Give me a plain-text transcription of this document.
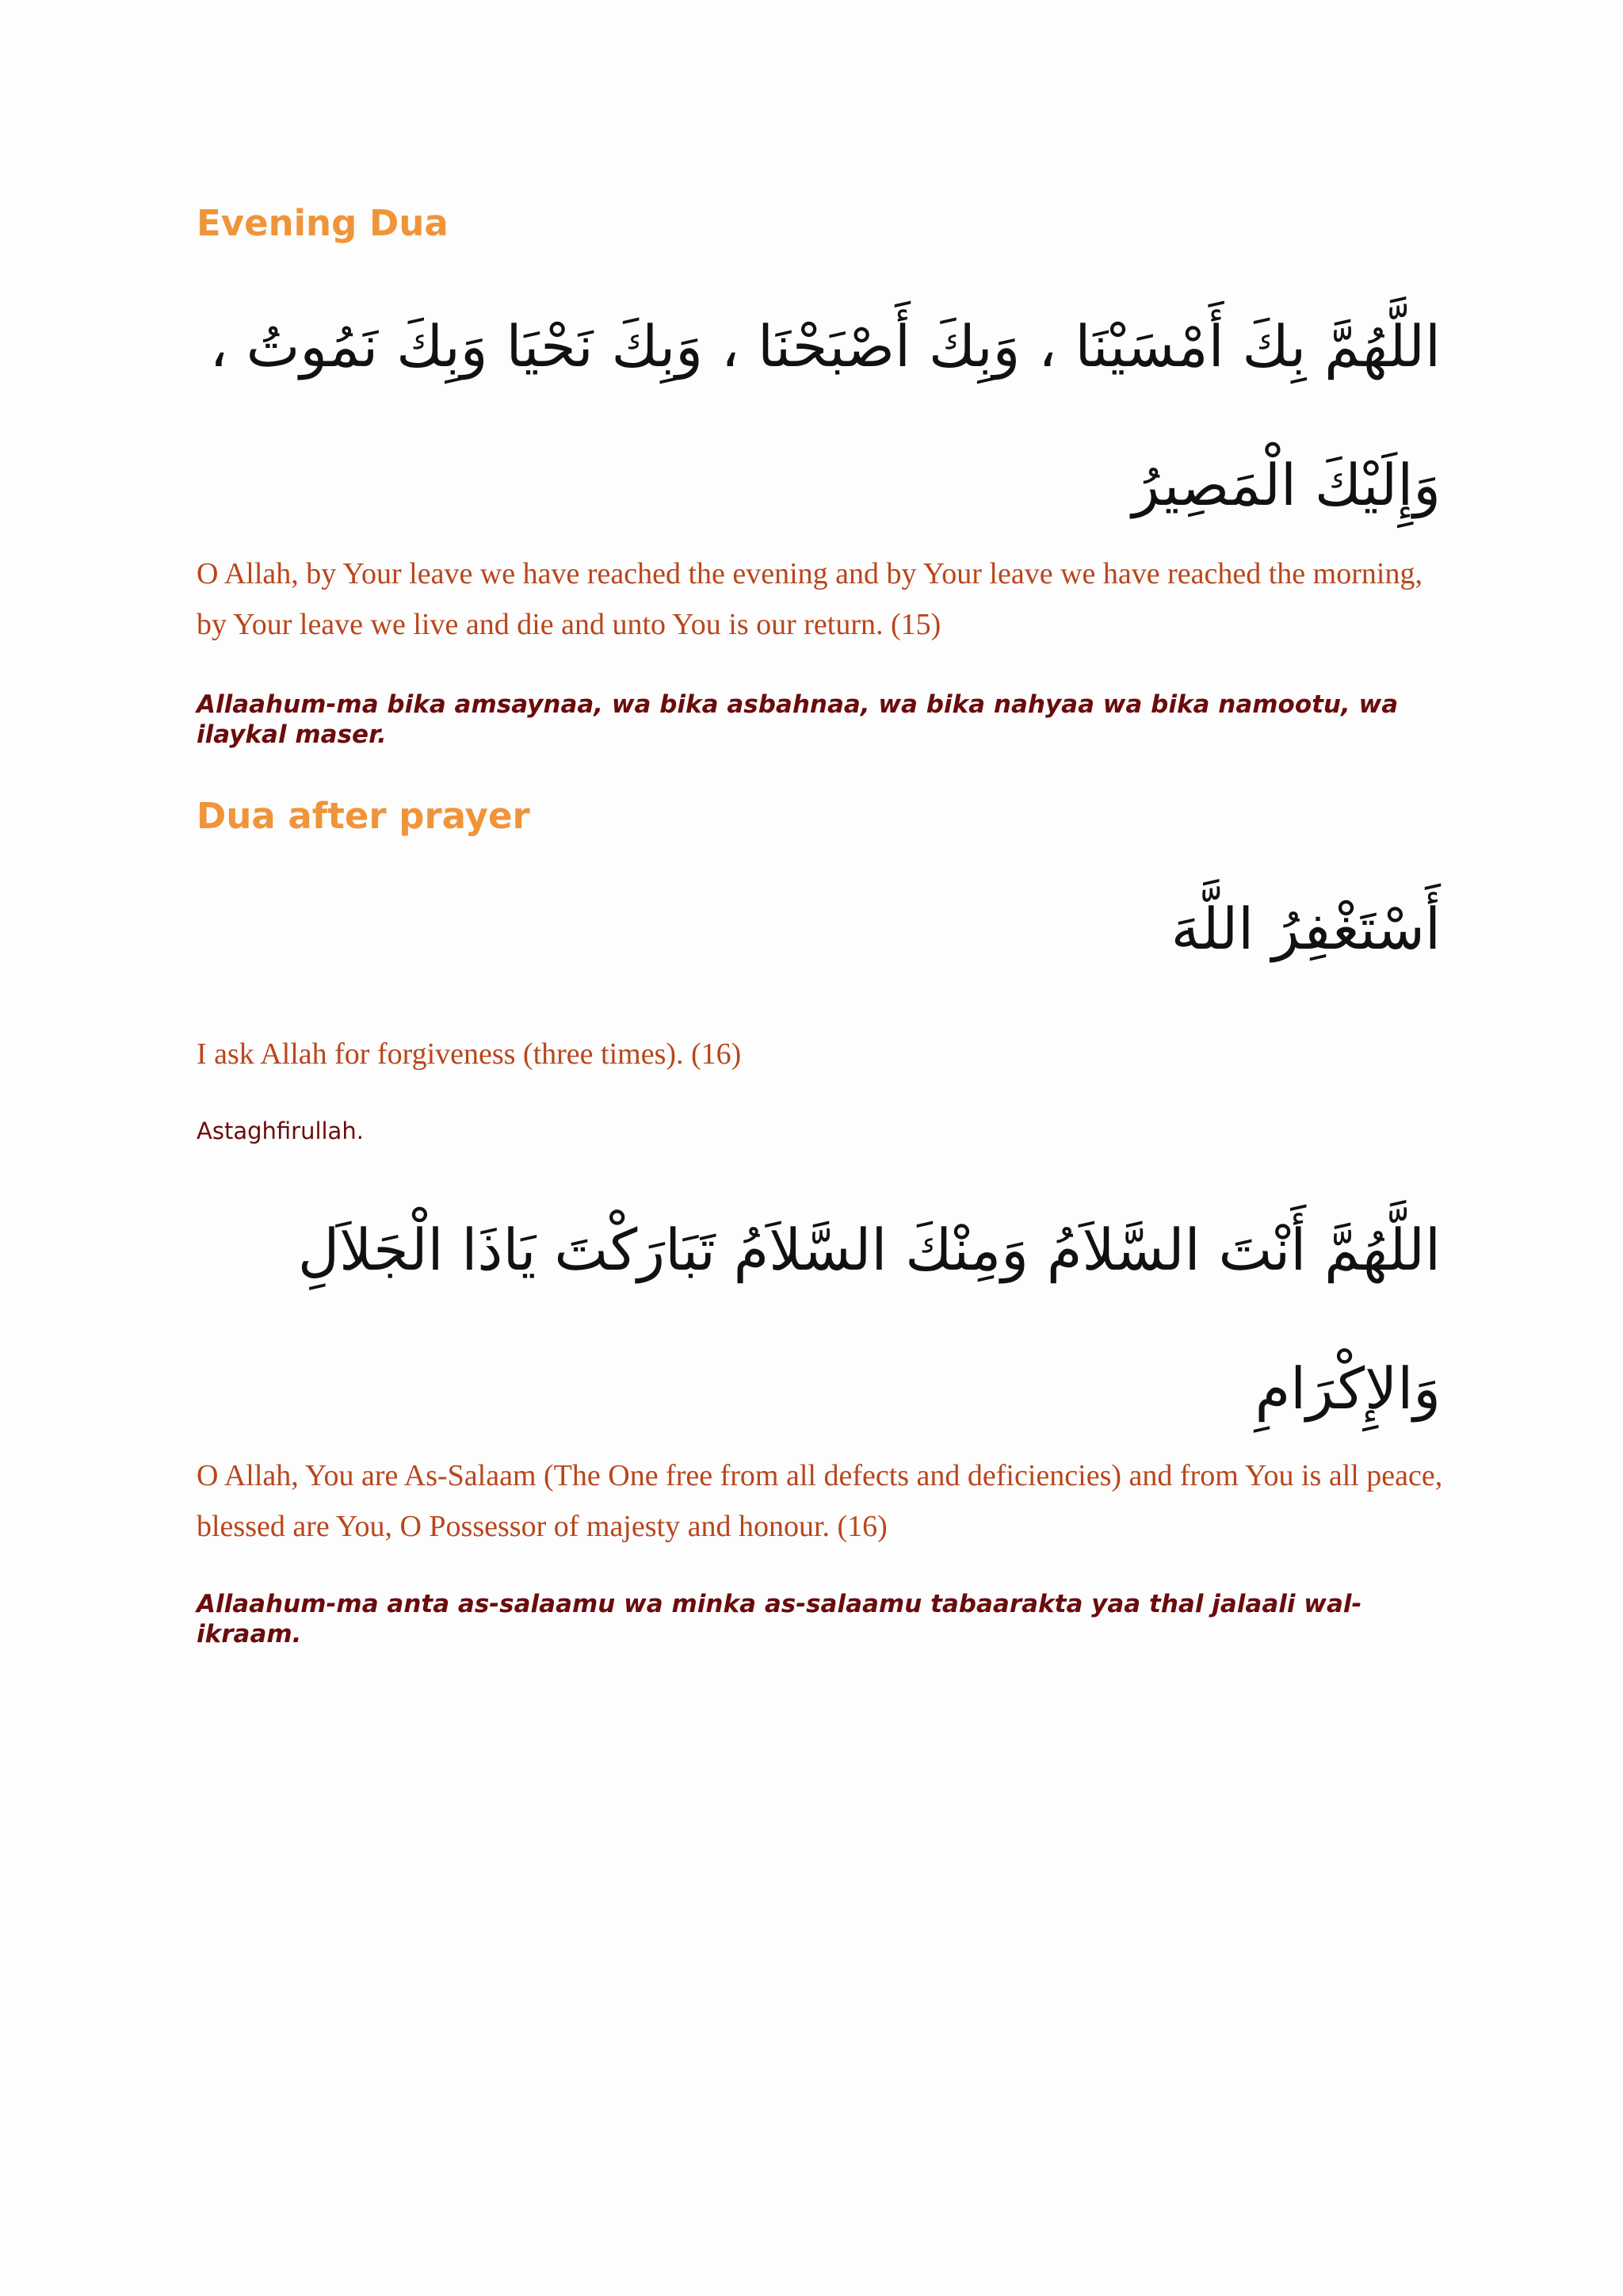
Evening Dua

اللَّهُمَّ بِكَ أَمْسَيْنَا ، وَبِكَ أَصْبَحْنَا ، وَبِكَ نَحْيَا وَبِكَ نَمُوتُ ، وَإِلَيْكَ الْمَصِيرُ

O Allah, by Your leave we have reached the evening and by Your leave we have reached the morning, by Your leave we live and die and unto You is our return. (15)

Allaahum-ma bika amsaynaa, wa bika asbahnaa, wa bika nahyaa wa bika namootu, wa ilaykal maser.

Dua after prayer

أَسْتَغْفِرُ اللَّهَ

I ask Allah for forgiveness (three times). (16)

Astaghfirullah.

اللَّهُمَّ أَنْتَ السَّلاَمُ وَمِنْكَ السَّلاَمُ تَبَارَكْتَ يَاذَا الْجَلاَلِ وَالإِكْرَامِ

O Allah, You are As-Salaam (The One free from all defects and deficiencies) and from You is all peace, blessed are You, O Possessor of majesty and honour. (16)

Allaahum-ma anta as-salaamu wa minka as-salaamu tabaarakta yaa thal jalaali wal-ikraam.
